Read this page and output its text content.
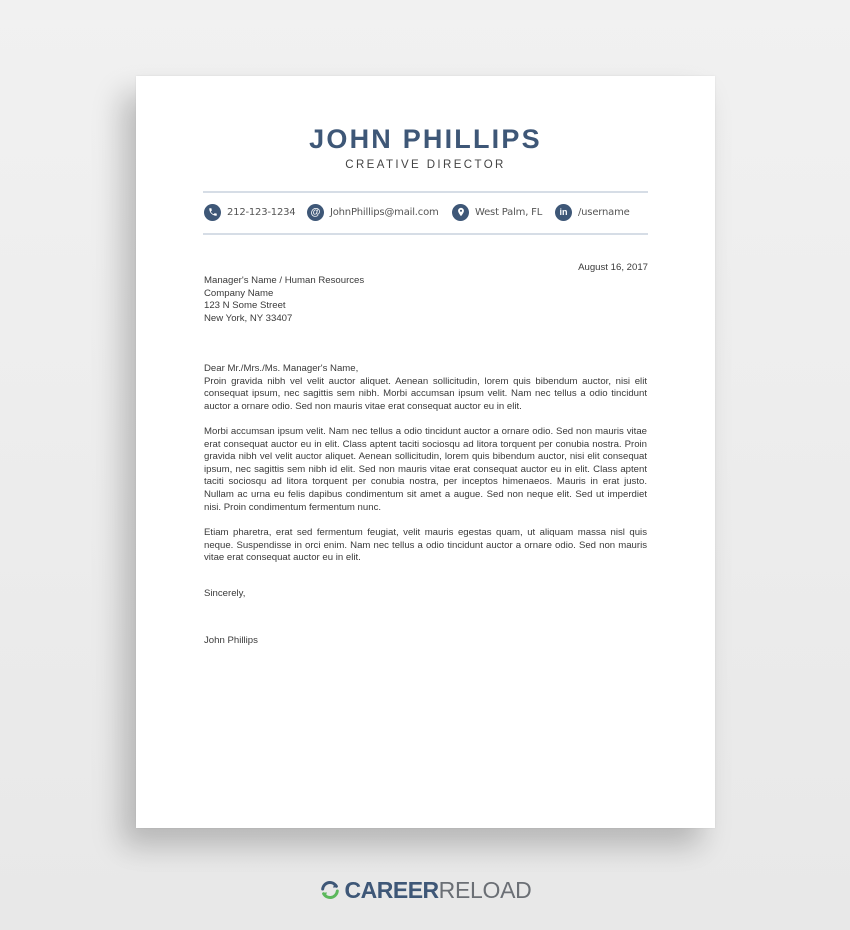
JOHN PHILLIPS
CREATIVE DIRECTOR
212-123-1234	@ JohnPhillips@mail.com	West Palm, FL	in	/username
August 16, 2017
Manager's Name / Human Resources
Company Name
123 N Some Street
New York, NY 33407
Dear Mr./Mrs./Ms. Manager's Name,
Proin gravida nibh vel velit auctor aliquet. Aenean sollicitudin, lorem quis bibendum auctor, nisi elit consequat ipsum, nec sagittis sem nibh. Morbi accumsan ipsum velit. Nam nec tellus a odio tincidunt auctor a ornare odio. Sed non mauris vitae erat consequat auctor eu in elit.
Morbi accumsan ipsum velit. Nam nec tellus a odio tincidunt auctor a ornare odio. Sed non mauris vitae erat consequat auctor eu in elit. Class aptent taciti sociosqu ad litora torquent per conubia nostra. Proin gravida nibh vel velit auctor aliquet. Aenean sollicitudin, lorem quis bibendum auctor, nisi elit consequat ipsum, nec sagittis sem nibh id elit. Sed non mauris vitae erat consequat auctor eu in elit. Class aptent taciti sociosqu ad litora torquent per conubia nostra, per inceptos himenaeos. Mauris in erat justo. Nullam ac urna eu felis dapibus condimentum sit amet a augue. Sed non neque elit. Sed ut imperdiet nisi. Proin condimentum fermentum nunc.
Etiam pharetra, erat sed fermentum feugiat, velit mauris egestas quam, ut aliquam massa nisl quis neque. Suspendisse in orci enim. Nam nec tellus a odio tincidunt auctor a ornare odio. Sed non mauris vitae erat consequat auctor eu in elit.
Sincerely,
John Phillips
CAREER RELOAD
